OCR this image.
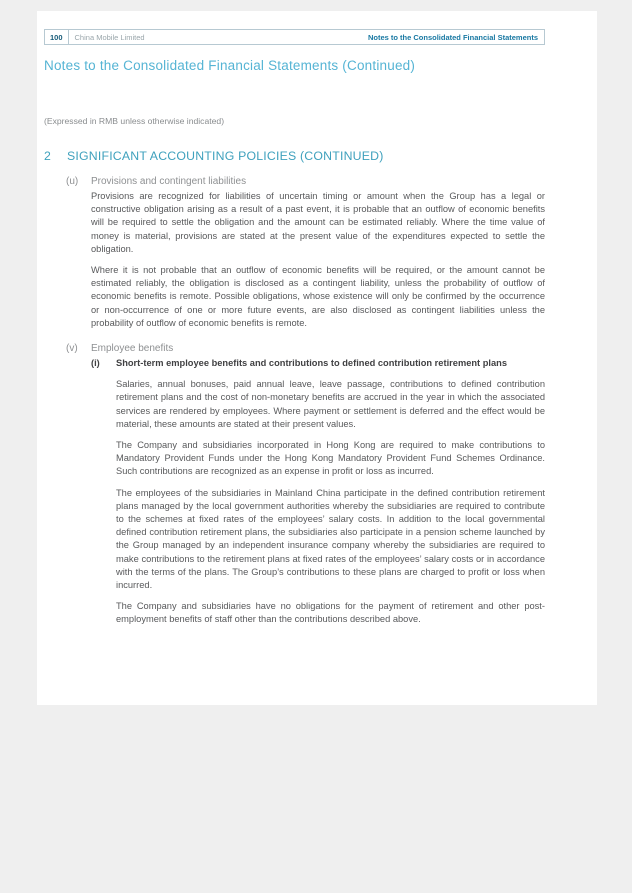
100	China Mobile Limited	Notes to the Consolidated Financial Statements
Notes to the Consolidated Financial Statements (Continued)
(Expressed in RMB unless otherwise indicated)
2	SIGNIFICANT ACCOUNTING POLICIES (CONTINUED)
(u)	Provisions and contingent liabilities

Provisions are recognized for liabilities of uncertain timing or amount when the Group has a legal or constructive obligation arising as a result of a past event, it is probable that an outflow of economic benefits will be required to settle the obligation and the amount can be estimated reliably. Where the time value of money is material, provisions are stated at the present value of the expenditures expected to settle the obligation.

Where it is not probable that an outflow of economic benefits will be required, or the amount cannot be estimated reliably, the obligation is disclosed as a contingent liability, unless the probability of outflow of economic benefits is remote. Possible obligations, whose existence will only be confirmed by the occurrence or non-occurrence of one or more future events, are also disclosed as contingent liabilities unless the probability of outflow of economic benefits is remote.

(v)	Employee benefits
(i)	Short-term employee benefits and contributions to defined contribution retirement plans

Salaries, annual bonuses, paid annual leave, leave passage, contributions to defined contribution retirement plans and the cost of non-monetary benefits are accrued in the year in which the associated services are rendered by employees. Where payment or settlement is deferred and the effect would be material, these amounts are stated at their present values.

The Company and subsidiaries incorporated in Hong Kong are required to make contributions to Mandatory Provident Funds under the Hong Kong Mandatory Provident Fund Schemes Ordinance. Such contributions are recognized as an expense in profit or loss as incurred.

The employees of the subsidiaries in Mainland China participate in the defined contribution retirement plans managed by the local government authorities whereby the subsidiaries are required to contribute to the schemes at fixed rates of the employees’ salary costs. In addition to the local governmental defined contribution retirement plans, the subsidiaries also participate in a pension scheme launched by the Group managed by an independent insurance company whereby the subsidiaries are required to make contributions to the retirement plans at fixed rates of the employees’ salary costs or in accordance with the terms of the plans. The Group’s contributions to these plans are charged to profit or loss when incurred.

The Company and subsidiaries have no obligations for the payment of retirement and other post-employment benefits of staff other than the contributions described above.
